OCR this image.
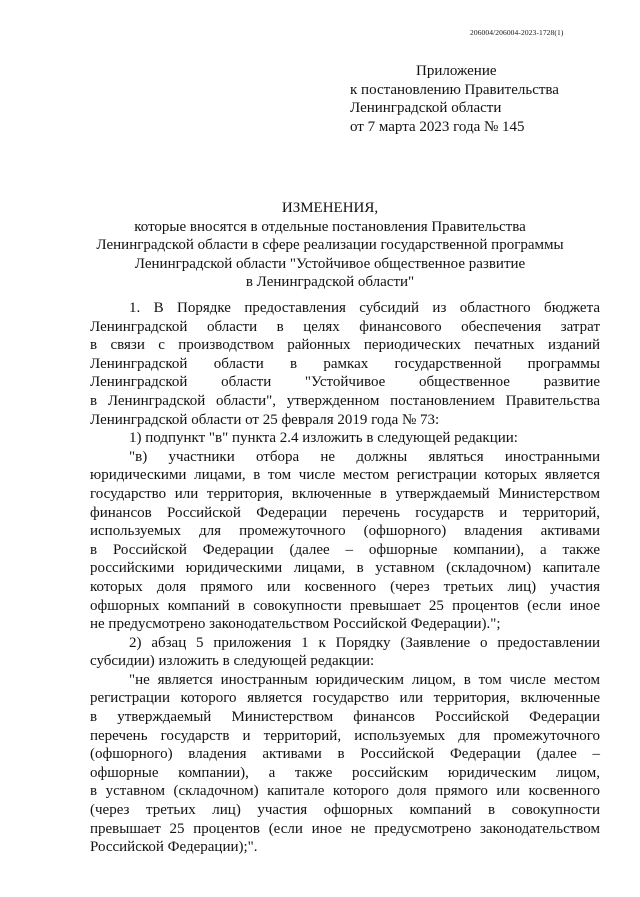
206004/206004-2023-1728(1)
Приложение
к постановлению Правительства
Ленинградской области
от 7 марта 2023 года № 145
ИЗМЕНЕНИЯ,
которые вносятся в отдельные постановления Правительства
Ленинградской области в сфере реализации государственной программы
Ленинградской области "Устойчивое общественное развитие
в Ленинградской области"
1. В Порядке предоставления субсидий из областного бюджета
Ленинградской области в целях финансового обеспечения затрат
в связи с производством районных периодических печатных изданий
Ленинградской области в рамках государственной программы
Ленинградской области "Устойчивое общественное развитие
в Ленинградской области", утвержденном постановлением Правительства
Ленинградской области от 25 февраля 2019 года № 73:
1) подпункт "в" пункта 2.4 изложить в следующей редакции:
"в) участники отбора не должны являться иностранными
юридическими лицами, в том числе местом регистрации которых является
государство или территория, включенные в утверждаемый Министерством
финансов Российской Федерации перечень государств и территорий,
используемых для промежуточного (офшорного) владения активами
в Российской Федерации (далее – офшорные компании), а также
российскими юридическими лицами, в уставном (складочном) капитале
которых доля прямого или косвенного (через третьих лиц) участия
офшорных компаний в совокупности превышает 25 процентов (если иное
не предусмотрено законодательством Российской Федерации).";
2) абзац 5 приложения 1 к Порядку (Заявление о предоставлении
субсидии) изложить в следующей редакции:
"не является иностранным юридическим лицом, в том числе местом
регистрации которого является государство или территория, включенные
в утверждаемый Министерством финансов Российской Федерации
перечень государств и территорий, используемых для промежуточного
(офшорного) владения активами в Российской Федерации (далее –
офшорные компании), а также российским юридическим лицом,
в уставном (складочном) капитале которого доля прямого или косвенного
(через третьих лиц) участия офшорных компаний в совокупности
превышает 25 процентов (если иное не предусмотрено законодательством
Российской Федерации);".
